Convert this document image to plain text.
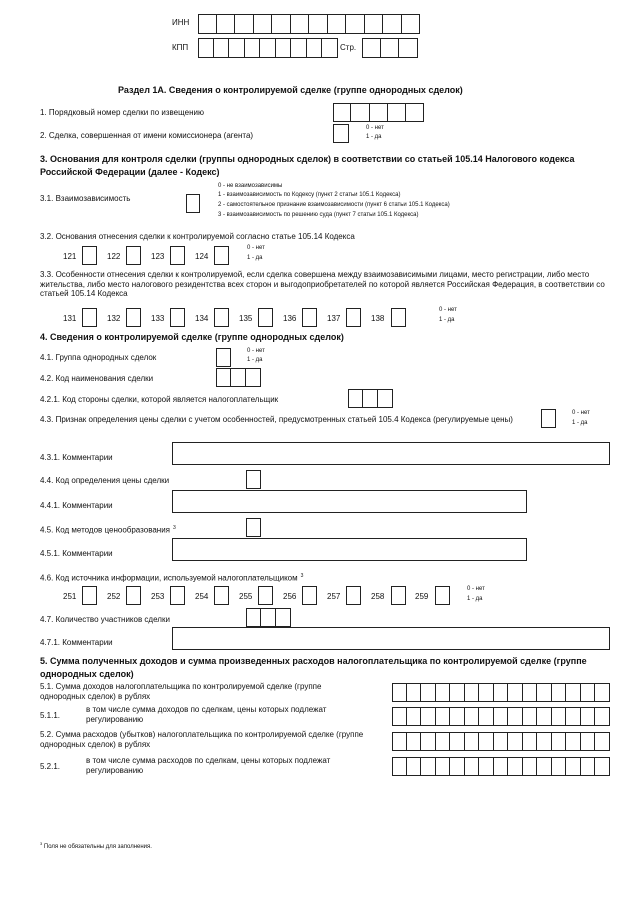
ИНН
КПП	Стр.
Раздел 1А. Сведения о контролируемой сделке (группе однородных сделок)
1. Порядковый номер сделки по извещению
2. Сделка, совершенная от имени комиссионера (агента)
0 - нет
1 - да
3. Основания для контроля сделки (группы однородных сделок) в соответствии со статьей 105.14 Налогового кодекса Российской Федерации (далее - Кодекс)
3.1. Взаимозависимость
0 - не взаимозависимы
1 - взаимозависимость по Кодексу (пункт 2 статьи 105.1 Кодекса)
2 - самостоятельное признание взаимозависимости (пункт 6 статьи 105.1 Кодекса)
3 - взаимозависимость по решению суда (пункт 7 статьи 105.1 Кодекса)
3.2. Основания отнесения сделки к контролируемой согласно статье 105.14 Кодекса
121	122	123	124
0 - нет
1 - да
3.3. Особенности отнесения сделки к контролируемой, если сделка совершена между взаимозависимыми лицами, место регистрации, либо место жительства, либо место налогового резидентства всех сторон и выгодоприобретателей по которой является Российская Федерация, в соответствии со статьей 105.14 Кодекса
131	132	133	134	135	136	137	138
0 - нет
1 - да
4. Сведения о контролируемой сделке (группе однородных сделок)
4.1. Группа однородных сделок
0 - нет
1 - да
4.2. Код наименования сделки
4.2.1. Код стороны сделки, которой является налогоплательщик
4.3. Признак определения цены сделки с учетом особенностей, предусмотренных статьей 105.4 Кодекса (регулируемые цены)
0 - нет
1 - да
4.3.1. Комментарии
4.4. Код определения цены сделки
4.4.1. Комментарии
4.5. Код методов ценообразования $^3$
4.5.1. Комментарии
4.6. Код источника информации, используемой налогоплательщиком $^3$
251	252	253	254	255	256	257	258	259
0 - нет
1 - да
4.7. Количество участников сделки
4.7.1. Комментарии
5. Сумма полученных доходов и сумма произведенных расходов налогоплательщика по контролируемой сделке (группе однородных сделок)
5.1. Сумма доходов налогоплательщика по контролируемой сделке (группе однородных сделок) в рублях
5.1.1.
в том числе сумма доходов по сделкам, цены которых подлежат регулированию
5.2. Сумма расходов (убытков) налогоплательщика по контролируемой сделке (группе однородных сделок) в рублях
5.2.1.
в том числе сумма расходов по сделкам, цены которых подлежат регулированию
$^3$ Поля не обязательны для заполнения.
